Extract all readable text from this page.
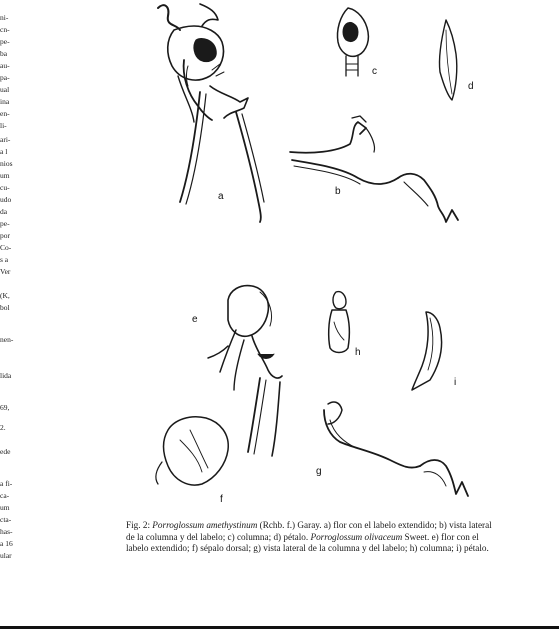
ni-
cn-
pe-
ba
au-
pa-
ual
ina
en-
li-
ari-
a l
nios
um
cu-
udo
da
pe-
por
Co-
s a
Ver
(K,
bol
nen-
lida
69,
2.
ede
a fi-
ca-
um
cta-
has-
a 16
ular
a	b
c
d
e
f
g
h
i
Fig. 2: Porroglossum amethystinum (Rchb. f.) Garay. a) flor con el labelo extendido; b) vista lateral de la columna y del labelo; c) columna; d) pétalo. Porroglossum olivaceum Sweet. e) flor con el labelo extendido; f) sépalo dorsal; g) vista lateral de la columna y del labelo; h) columna; i) pétalo.
